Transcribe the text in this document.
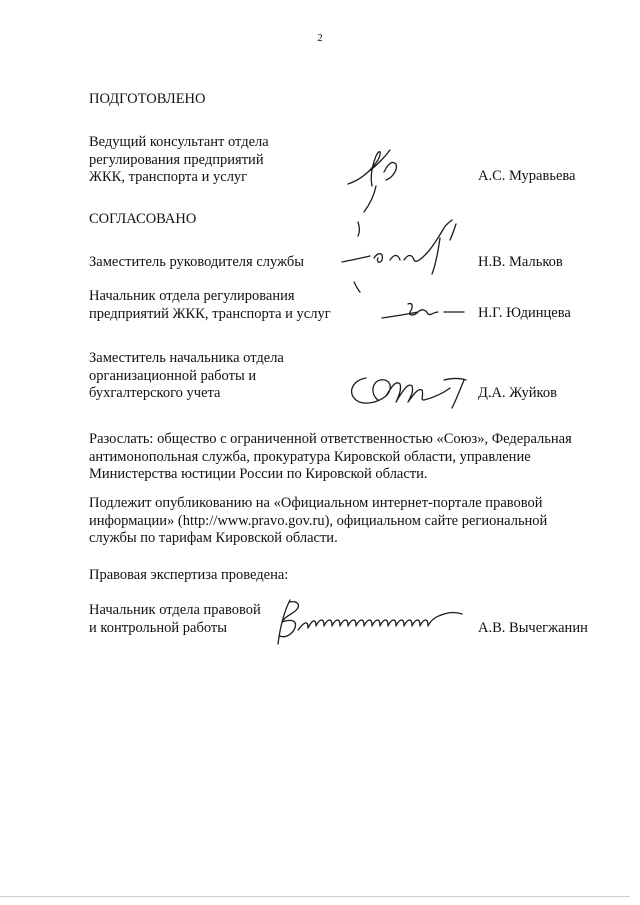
2
ПОДГОТОВЛЕНО
Ведущий консультант отдела
регулирования предприятий
ЖКК, транспорта и услуг	А.С. Муравьева
СОГЛАСОВАНО
Заместитель руководителя службы	Н.В. Мальков
Начальник отдела регулирования
предприятий ЖКК, транспорта и услуг	Н.Г. Юдинцева
Заместитель начальника отдела
организационной работы и
бухгалтерского учета	Д.А. Жуйков
Разослать: общество с ограниченной ответственностью «Союз», Федеральная
антимонопольная служба, прокуратура Кировской области, управление
Министерства юстиции России по Кировской области.
Подлежит опубликованию на «Официальном интернет-портале правовой
информации» (http://www.pravo.gov.ru), официальном сайте региональной
службы по тарифам Кировской области.
Правовая экспертиза проведена:
Начальник отдела правовой
и контрольной работы	А.В. Вычегжанин
